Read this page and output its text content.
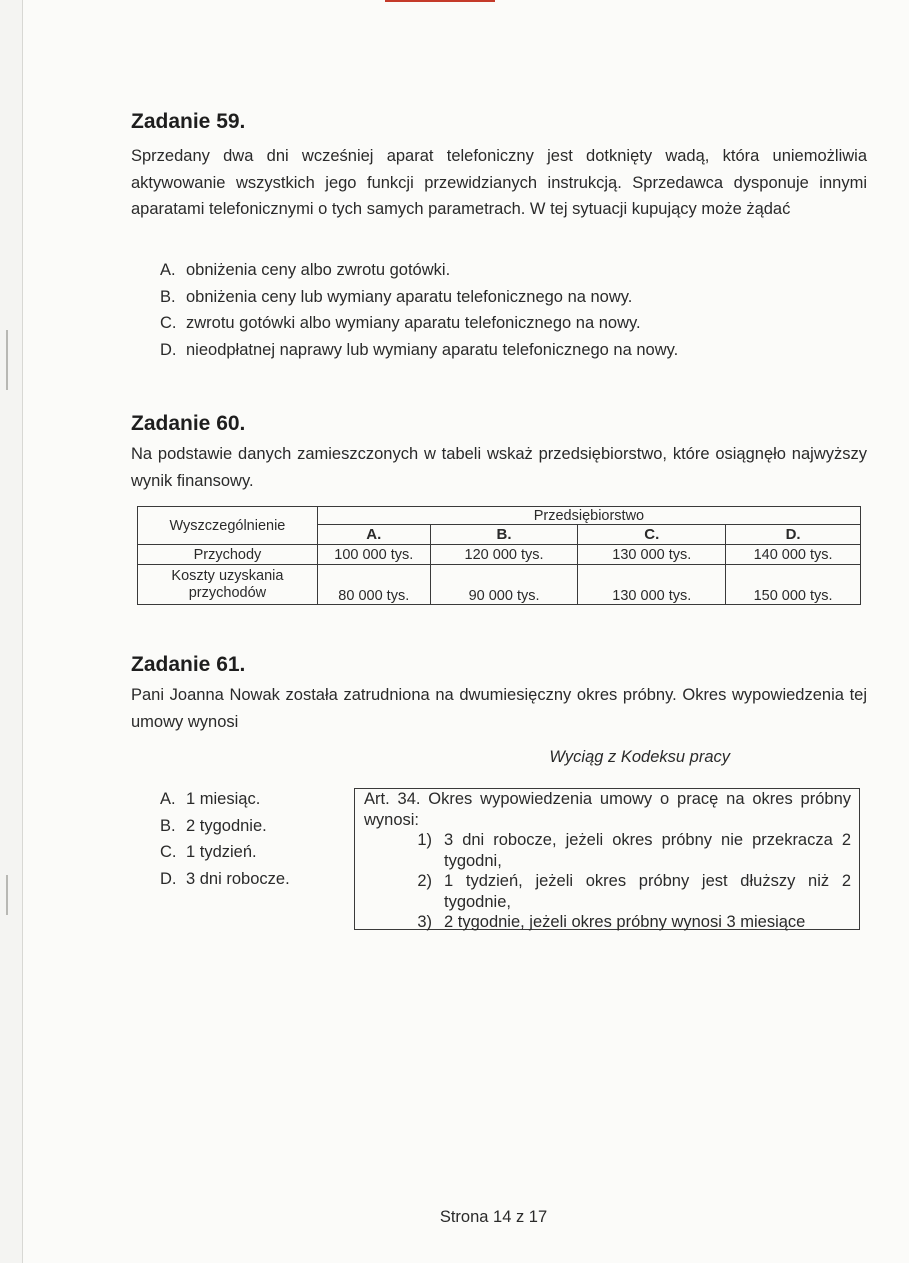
Zadanie 59.
Sprzedany dwa dni wcześniej aparat telefoniczny jest dotknięty wadą, która uniemożliwia aktywowanie wszystkich jego funkcji przewidzianych instrukcją. Sprzedawca dysponuje innymi aparatami telefonicznymi o tych samych parametrach. W tej sytuacji kupujący może żądać
A. obniżenia ceny albo zwrotu gotówki.
B. obniżenia ceny lub wymiany aparatu telefonicznego na nowy.
C. zwrotu gotówki albo wymiany aparatu telefonicznego na nowy.
D. nieodpłatnej naprawy lub wymiany aparatu telefonicznego na nowy.
Zadanie 60.
Na podstawie danych zamieszczonych w tabeli wskaż przedsiębiorstwo, które osiągnęło najwyższy wynik finansowy.
Wyszczególnienie	Przedsiębiorstwo			
	A.	B.	C.	D.
Przychody	100 000 tys.	120 000 tys.	130 000 tys.	140 000 tys.

Koszty uzyskania
przychodów	80 000 tys.	90 000 tys.	130 000 tys.	150 000 tys.
Zadanie 61.
Pani Joanna Nowak została zatrudniona na dwumiesięczny okres próbny. Okres wypowiedzenia tej umowy wynosi
Wyciąg z Kodeksu pracy
A. 1 miesiąc.
B. 2 tygodnie.
C. 1 tydzień.
D. 3 dni robocze.
Art. 34. Okres wypowiedzenia umowy o pracę na okres próbny wynosi:
1) 3 dni robocze, jeżeli okres próbny nie przekracza 2 tygodni,
2) 1 tydzień, jeżeli okres próbny jest dłuższy niż 2 tygodnie,
3) 2 tygodnie, jeżeli okres próbny wynosi 3 miesiące
Strona 14 z 17
